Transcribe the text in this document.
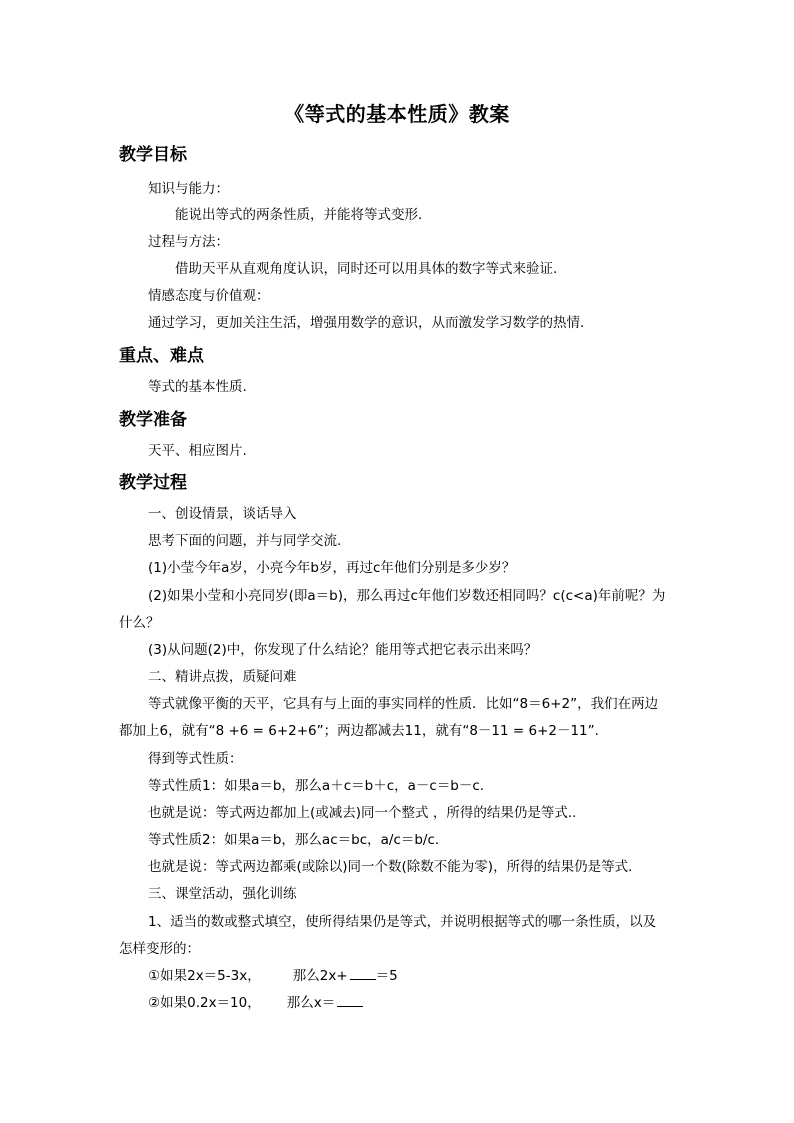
《等式的基本性质》教案
教学目标
知识与能力：
能说出等式的两条性质，并能将等式变形.
过程与方法：
借助天平从直观角度认识，同时还可以用具体的数字等式来验证.
情感态度与价值观：
通过学习，更加关注生活，增强用数学的意识，从而激发学习数学的热情.
重点、难点
等式的基本性质.
教学准备
天平、相应图片.
教学过程
一、创设情景，谈话导入
思考下面的问题，并与同学交流.
(1)小莹今年a岁，小亮今年b岁，再过c年他们分别是多少岁？
(2)如果小莹和小亮同岁(即a＝b)，那么再过c年他们岁数还相同吗？c(c<a)年前呢？为
什么？
(3)从问题(2)中，你发现了什么结论？能用等式把它表示出来吗？
二、精讲点拨，质疑问难
等式就像平衡的天平，它具有与上面的事实同样的性质．比如“8＝6+2”，我们在两边
都加上6，就有“8 +6 = 6+2+6”；两边都减去11，就有“8－11 = 6+2－11”.
得到等式性质：
等式性质1：如果a＝b，那么a＋c＝b＋c，a－c＝b－c.
也就是说：等式两边都加上(或减去)同一个整式 ，所得的结果仍是等式..
等式性质2：如果a＝b，那么ac＝bc，a/c＝b/c.
也就是说：等式两边都乘(或除以)同一个数(除数不能为零)，所得的结果仍是等式.
三、课堂活动，强化训练
1、适当的数或整式填空，使所得结果仍是等式，并说明根据等式的哪一条性质，以及
怎样变形的：
①如果2x＝5-3x， 那么2x+ ＝5
②如果0.2x＝10， 那么x＝
